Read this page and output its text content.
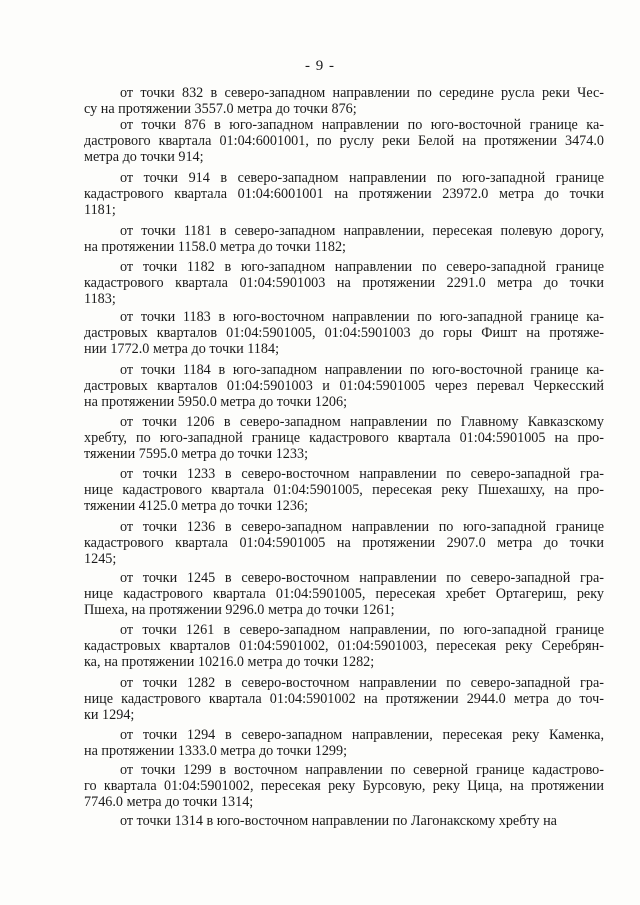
- 9 -
от точки 832 в северо-западном направлении по середине русла реки Чес-
су на протяжении 3557.0 метра до точки 876;
от точки 876 в юго-западном направлении по юго-восточной границе ка-
дастрового квартала 01:04:6001001, по руслу реки Белой на протяжении 3474.0
метра до точки 914;
от точки 914 в северо-западном направлении по юго-западной границе
кадастрового квартала 01:04:6001001 на протяжении 23972.0 метра до точки
1181;
от точки 1181 в северо-западном направлении, пересекая полевую дорогу,
на протяжении 1158.0 метра до точки 1182;
от точки 1182 в юго-западном направлении по северо-западной границе
кадастрового квартала 01:04:5901003 на протяжении 2291.0 метра до точки
1183;
от точки 1183 в юго-восточном направлении по юго-западной границе ка-
дастровых кварталов 01:04:5901005, 01:04:5901003 до горы Фишт на протяже-
нии 1772.0 метра до точки 1184;
от точки 1184 в юго-западном направлении по юго-восточной границе ка-
дастровых кварталов 01:04:5901003 и 01:04:5901005 через перевал Черкесский
на протяжении 5950.0 метра до точки 1206;
от точки 1206 в северо-западном направлении по Главному Кавказскому
хребту, по юго-западной границе кадастрового квартала 01:04:5901005 на про-
тяжении 7595.0 метра до точки 1233;
от точки 1233 в северо-восточном направлении по северо-западной гра-
нице кадастрового квартала 01:04:5901005, пересекая реку Пшехашху, на про-
тяжении 4125.0 метра до точки 1236;
от точки 1236 в северо-западном направлении по юго-западной границе
кадастрового квартала 01:04:5901005 на протяжении 2907.0 метра до точки
1245;
от точки 1245 в северо-восточном направлении по северо-западной гра-
нице кадастрового квартала 01:04:5901005, пересекая хребет Ортагериш, реку
Пшеха, на протяжении 9296.0 метра до точки 1261;
от точки 1261 в северо-западном направлении, по юго-западной границе
кадастровых кварталов 01:04:5901002, 01:04:5901003, пересекая реку Серебрян-
ка, на протяжении 10216.0 метра до точки 1282;
от точки 1282 в северо-восточном направлении по северо-западной гра-
нице кадастрового квартала 01:04:5901002 на протяжении 2944.0 метра до точ-
ки 1294;
от точки 1294 в северо-западном направлении, пересекая реку Каменка,
на протяжении 1333.0 метра до точки 1299;
от точки 1299 в восточном направлении по северной границе кадастрово-
го квартала 01:04:5901002, пересекая реку Бурсовую, реку Цица, на протяжении
7746.0 метра до точки 1314;
от точки 1314 в юго-восточном направлении по Лагонакскому хребту на
